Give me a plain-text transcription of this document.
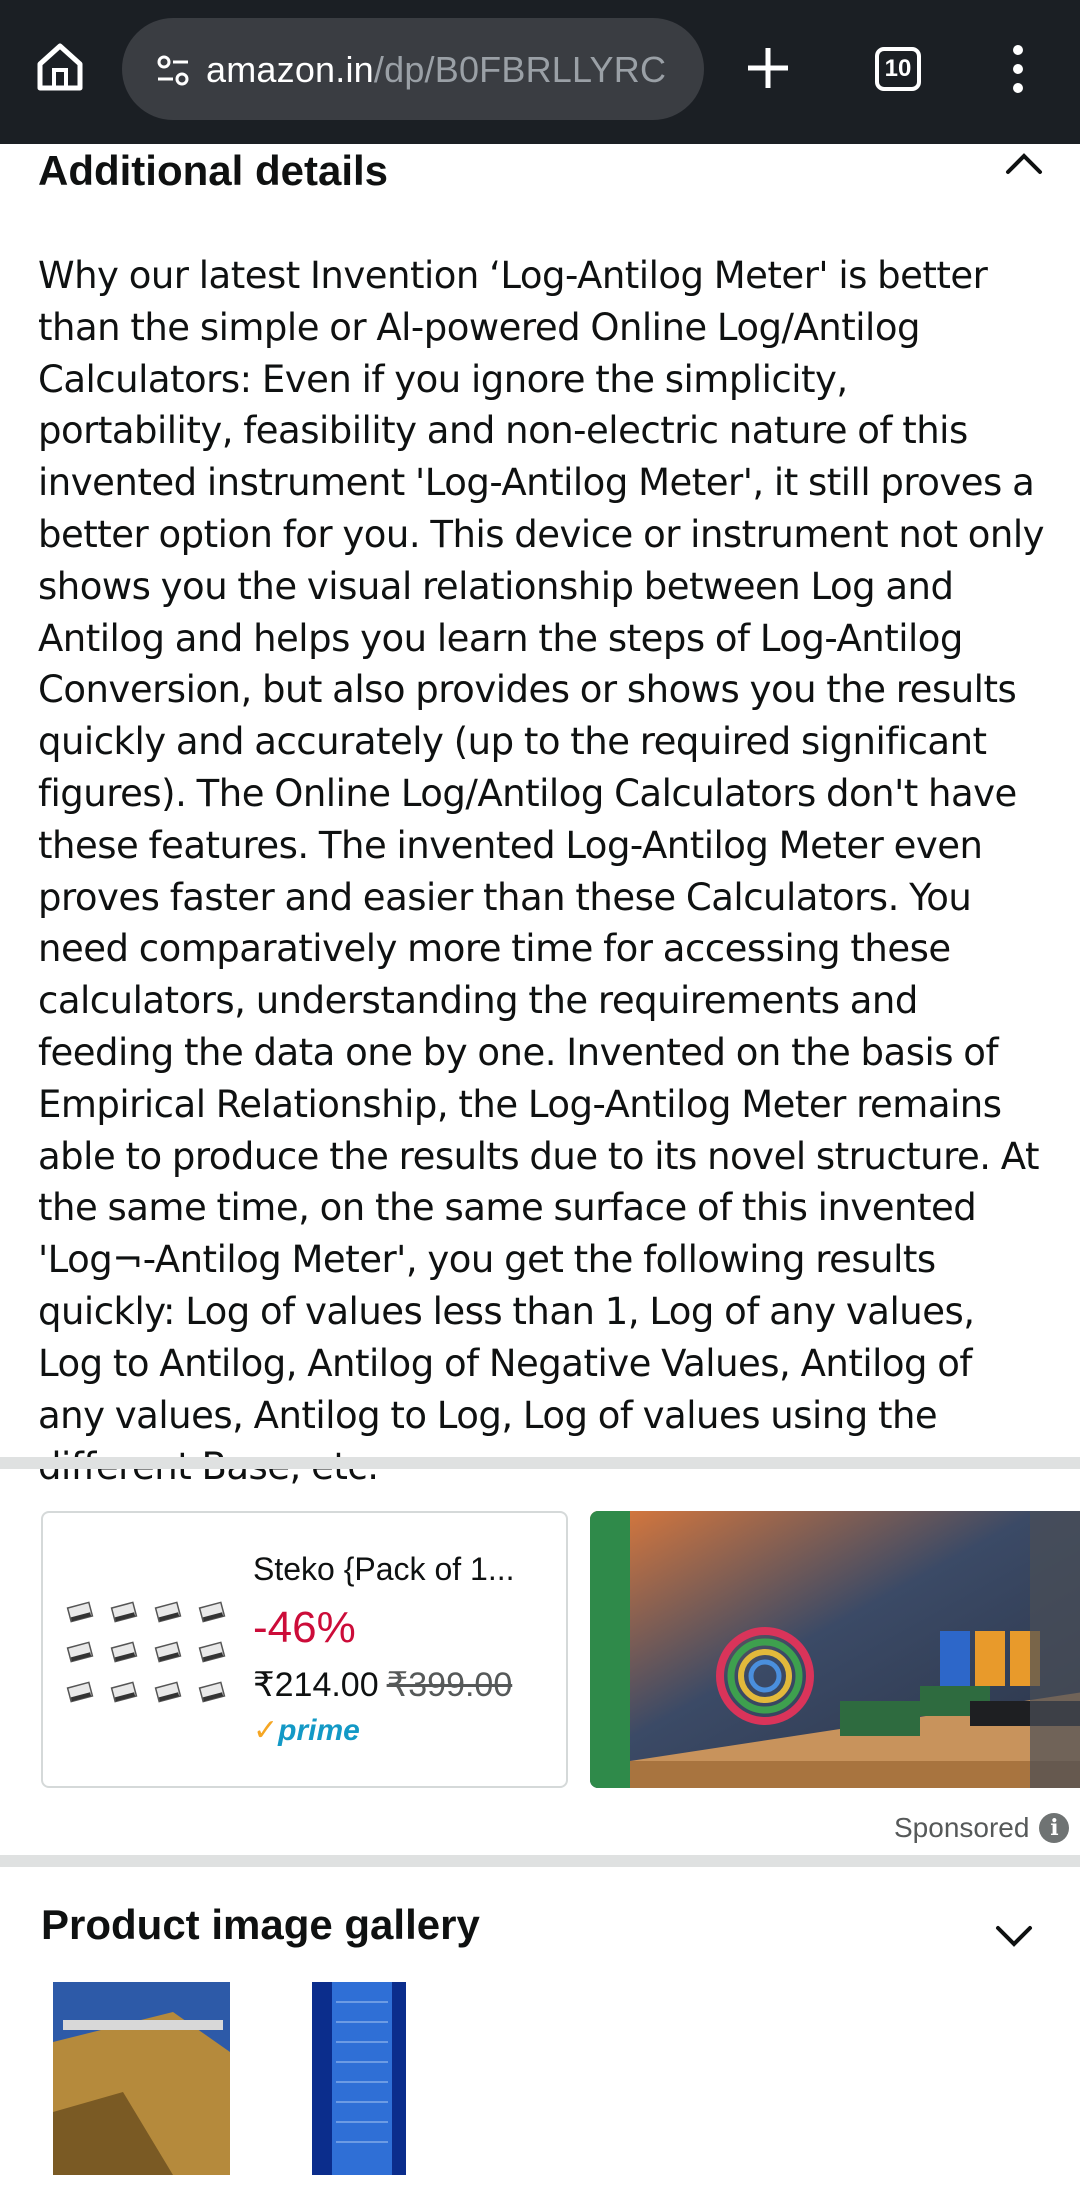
amazon.in/dp/B0FBRLLYRC	10
Additional details

Why our latest Invention ‘Log-Antilog Meter' is better than the simple or Al-powered Online Log/Antilog Calculators: Even if you ignore the simplicity, portability, feasibility and non-electric nature of this invented instrument 'Log-Antilog Meter', it still proves a better option for you. This device or instrument not only shows you the visual relationship between Log and Antilog and helps you learn the steps of Log-Antilog Conversion, but also provides or shows you the results quickly and accurately (up to the required significant figures). The Online Log/Antilog Calculators don't have these features. The invented Log-Antilog Meter even proves faster and easier than these Calculators. You need comparatively more time for accessing these calculators, understanding the requirements and feeding the data one by one. Invented on the basis of Empirical Relationship, the Log-Antilog Meter remains able to produce the results due to its novel structure. At the same time, on the same surface of this invented 'Log¬-Antilog Meter', you get the following results quickly: Log of values less than 1, Log of any values, Log to Antilog, Antilog of Negative Values, Antilog of any values, Antilog to Log, Log of values using the

Steko {Pack of 1...
-46%
₹214.00 ₹399.00
✓prime
Sponsored i
Product image gallery
